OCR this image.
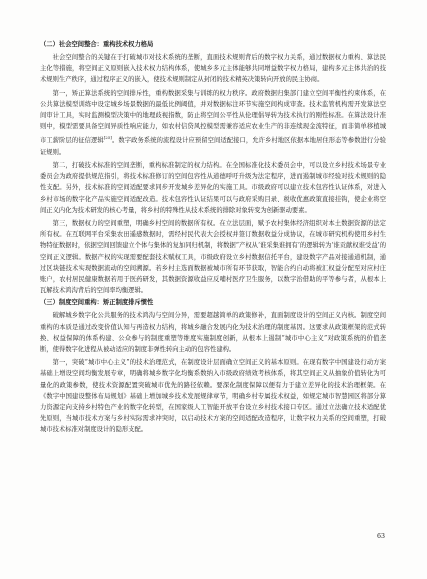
（二）社会空间整合：重构技术权力格局

社会空间整合的关键在于打破城市对技术系统的垄断，直面技术规则背后的数字权力关系，通过数据权力重构、算法民主化等措施，将空间正义原则嵌入技术权力结构体系，使城乡多元主体能够共同增益数字权力格局，建构多元主体共治的技术规则生产秩序，通过程序正义的嵌入，使技术规则制定从封闭的技术精英决策转向开放的民主协商。

第一，矫正算法系统的空间排斥性，重构数据采集与训练的权力秩序。政府数据归集部门建立空间平衡性约束体系，在公共算法模型训练中设定城乡场景数据的最低比例阈值，并对数据标注环节实施空间构成审查。技术监管机构需开发算法空间审计工具，实时监测模型决策中的地理歧视指数，防止将空间公平性从伦理倡导转为技术执行的刚性标准。在算法设计准则中，模型需要具备空间异质性响应能力，如农村信贷风控模型需兼容适应农业生产的非连续现金流特征，而非简单移植城市工薪阶层的征信逻辑[25]。数字政务系统的流程设计应预留空间适配接口，允许乡村地区依据本地居住形态等参数进行分验证规则。

第二，打破技术标准的空间垄断，重构标准制定的权力结构。在全国标准化技术委员会中，可以设立乡村技术场景专业委员会为政府提供规范指引，将技术标准修订的空间包容性从道德呼吁升级为法定程序，进而遏制城市经验对技术规则的隐性支配。另外，技术标准的空间适配要求同步开发城乡差异化的实施工具。市级政府可以建立技术包容性认证体系，对进入乡村市场的数字化产品实施空间适配改造。技术包容性认证结果可以与政府采购目录、税收优惠政策直接挂钩，使企业将空间正义内化为技术研发的核心考量，将乡村的特殊性从技术系统的排除对象转变为创新驱动要素。

第三，数据权力的空间重塑，明确乡村空间的数据所有权。在立法层面，赋予农村集体经济组织对本土数据资源的法定所有权。在互联网平台采集农田遥感数据时，需经村民代表大会授权并签订数据收益分成协议，在城市研究机构使用乡村生物特征数据时，依据空间回馈建立个体与集体的复加同归机制，将数据“产权从‘谁采集谁拥有’的逻辑转为‘谁贡献权谁受益’的空间正义逻辑。数据产权的实现需要配套技术赋权工具，市级政府设立乡村数据信托平台，建设数字产品对接通道机制，通过区块链技术实现数据流动的空间溯源。若乡村主选面数据被城市所有环节获取，智能合约自动将被汇权益分配至对应村庄账户，农村居民健康数据若用于医药研发，其数据资源收益应反哺村医疗卫生服务，以数字治借助的平等参与者，从根本上瓦解技术鸿沟背后的空间率均衡逻辑。

（三）制度空间重构：矫正制度排斥惯性

破解城乡数字化公共服务的技术鸿沟与空间分异，需要超越简单的政策修补，直面制度设计的空间正义内核。制度空间重构的本质是通过改变价值认知与再造权力结构，将城乡融合发展内化为技术治理的制度基因。这要求从政策框架的范式转换、权益保障的体系构建、公众参与的制度重塑等维度实施制度创新，从根本上遏制“城市中心主义”对政策系统的价值垄断，使得数字化进程从被动适应的制度非弹性转向主动的包容性建构。

第一，突破“城市中心主义”的技术治理范式，在制度设计层面确立空间正义的基本原则。在现有数字中国建设行动方案基础上增设空间均衡发展专章，明确将城乡数字化均衡系数纳入市级政府绩效考核体系，将其空间正义从抽象价值转化为可量化的政策参数，使技术资源配置突破城市优先的路径依赖。要深化制度保障以便有力于建立差异化的技术治理框架。在《数字中国建设整体布局规划》基础上增加城乡技术发展规律章节，明确乡村专属技术权益，如规定城市智慧园区将部分算力资源定向支持乡村特色产业的数字化转型，在国家级人工智能开放平台设立乡村技术接口专区。通过立法确立技术适配优先原则，当城市技术方案与乡村实际需求冲突时，以启动技术方案的空间适配改造程序，让数字权力关系的空间重塑，打破城市技术标准对制度设计的隐形支配。

63
